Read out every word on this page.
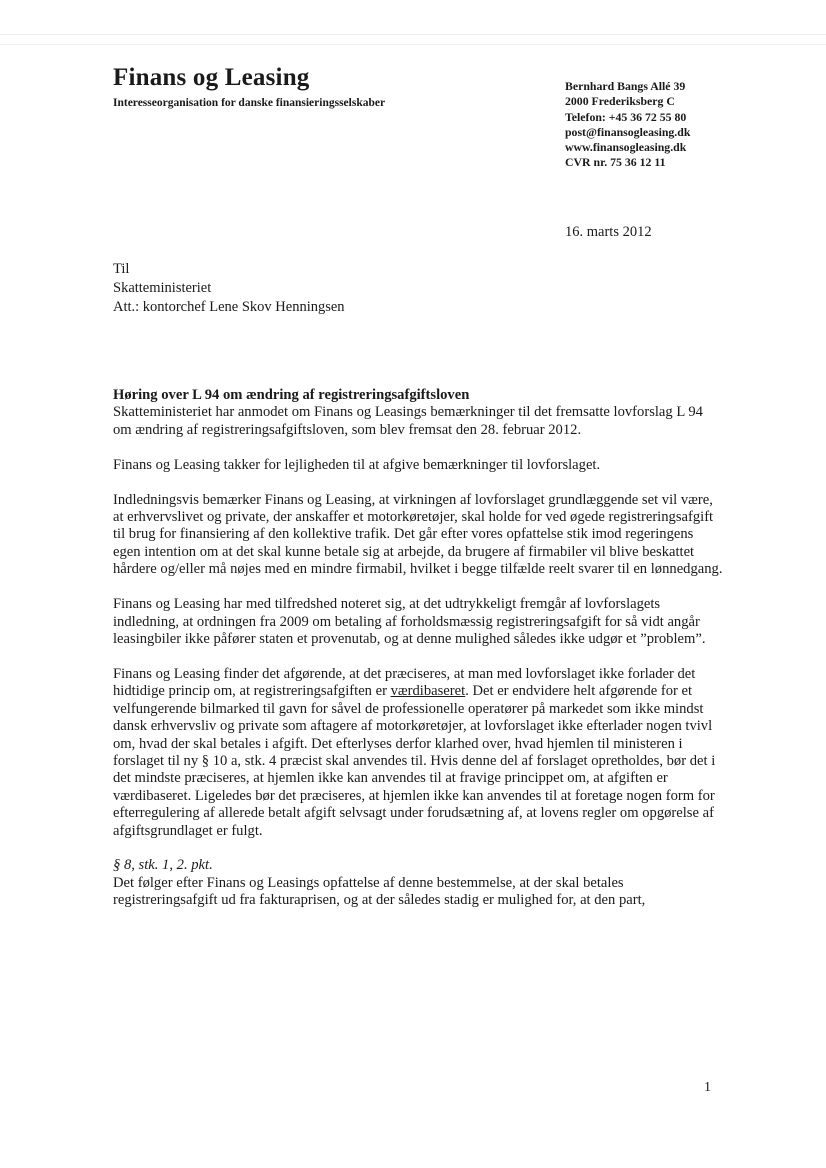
Finans og Leasing
Interesseorganisation for danske finansieringsselskaber
Bernhard Bangs Allé 39
2000 Frederiksberg C
Telefon: +45 36 72 55 80
post@finansogleasing.dk
www.finansogleasing.dk
CVR nr. 75 36 12 11
16. marts 2012
Til
Skatteministeriet
Att.: kontorchef Lene Skov Henningsen

Høring over L 94 om ændring af registreringsafgiftsloven

Skatteministeriet har anmodet om Finans og Leasings bemærkninger til det fremsatte lovforslag L 94 om ændring af registreringsafgiftsloven, som blev fremsat den 28. februar 2012.

Finans og Leasing takker for lejligheden til at afgive bemærkninger til lovforslaget.

Indledningsvis bemærker Finans og Leasing, at virkningen af lovforslaget grundlæggende set vil være, at erhvervslivet og private, der anskaffer et motorkøretøjer, skal holde for ved øgede registreringsafgift til brug for finansiering af den kollektive trafik. Det går efter vores opfattelse stik imod regeringens egen intention om at det skal kunne betale sig at arbejde, da brugere af firmabiler vil blive beskattet hårdere og/eller må nøjes med en mindre firmabil, hvilket i begge tilfælde reelt svarer til en lønnedgang.

Finans og Leasing har med tilfredshed noteret sig, at det udtrykkeligt fremgår af lovforslagets indledning, at ordningen fra 2009 om betaling af forholdsmæssig registreringsafgift for så vidt angår leasingbiler ikke påfører staten et provenutab, og at denne mulighed således ikke udgør et ”problem”.

Finans og Leasing finder det afgørende, at det præciseres, at man med lovforslaget ikke forlader det hidtidige princip om, at registreringsafgiften er værdibaseret. Det er endvidere helt afgørende for et velfungerende bilmarked til gavn for såvel de professionelle operatører på markedet som ikke mindst dansk erhvervsliv og private som aftagere af motorkøretøjer, at lovforslaget ikke efterlader nogen tvivl om, hvad der skal betales i afgift. Det efterlyses derfor klarhed over, hvad hjemlen til ministeren i forslaget til ny § 10 a, stk. 4 præcist skal anvendes til. Hvis denne del af forslaget opretholdes, bør det i det mindste præciseres, at hjemlen ikke kan anvendes til at fravige princippet om, at afgiften er værdibaseret. Ligeledes bør det præciseres, at hjemlen ikke kan anvendes til at foretage nogen form for efterregulering af allerede betalt afgift selvsagt under forudsætning af, at lovens regler om opgørelse af afgiftsgrundlaget er fulgt.

§ 8, stk. 1, 2. pkt.

Det følger efter Finans og Leasings opfattelse af denne bestemmelse, at der skal betales registreringsafgift ud fra fakturaprisen, og at der således stadig er mulighed for, at den part,

1
